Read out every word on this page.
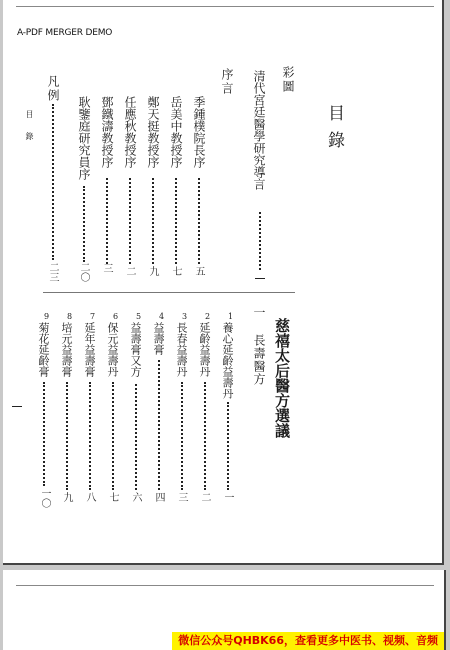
A-PDF MERGER DEMO
目錄
目錄
彩圖
清代宮廷醫學研究導言
序言
季鍾樸院長序
五
岳美中教授序
七
鄭天挺教授序
九
任應秋教授序
二
鄧鐵濤教授序
三
耿鑒庭研究員序
二〇
凡例
二三
慈禧太后醫方選議
一 長壽醫方
1
養心延齡益壽丹
一
2
延齡益壽丹
二
3
長春益壽丹
三
4
益壽膏
四
5
益壽膏又方
六
6
保元益壽丹
七
7
延年益壽膏
八
8
培元益壽膏
九
9
菊花延齡膏
一〇
微信公众号QHBK66，查看更多中医书、视频、音频
